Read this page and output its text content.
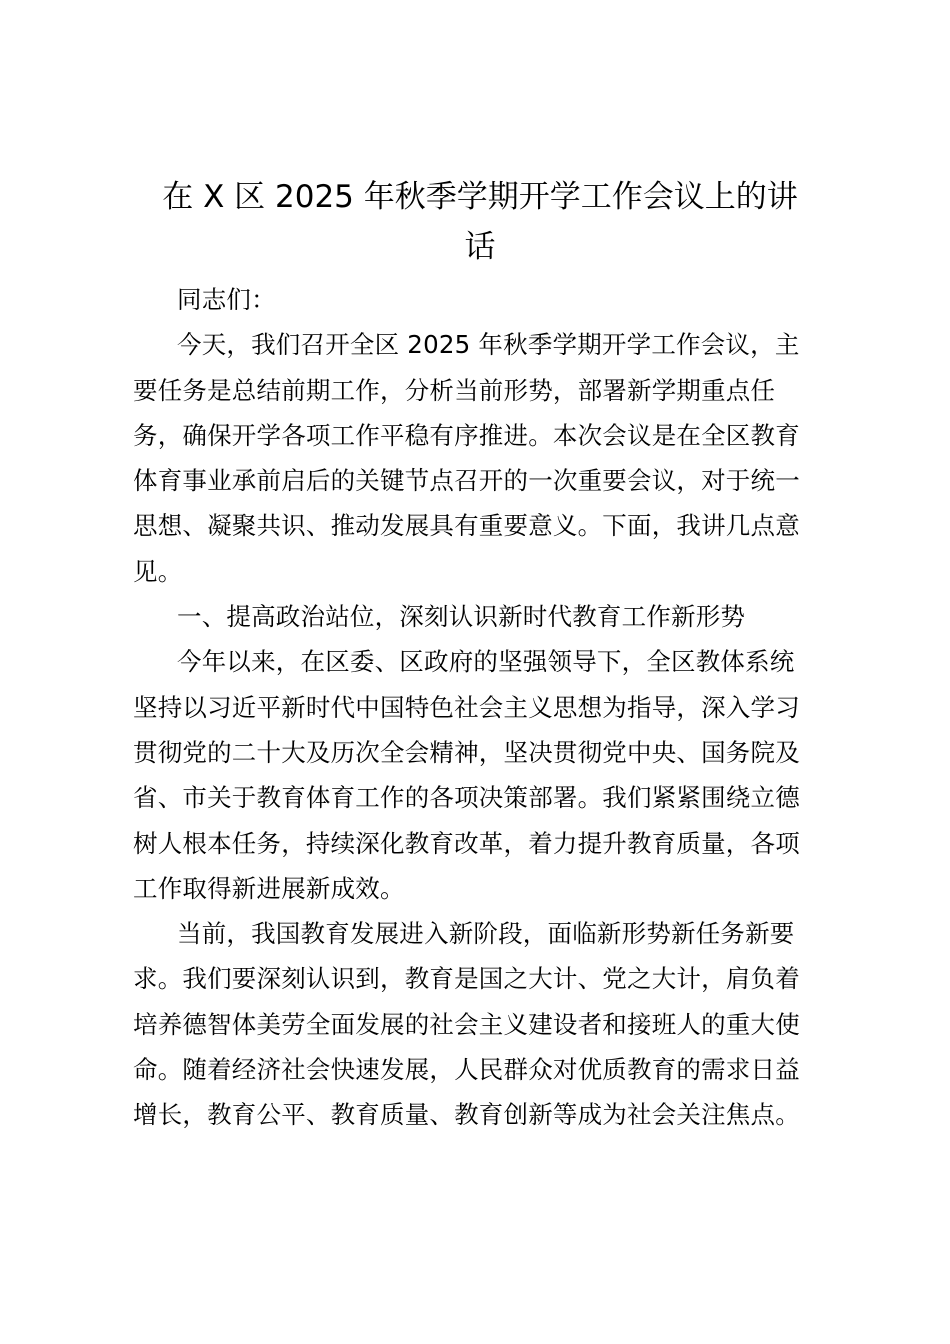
在 X 区 2025 年秋季学期开学工作会议上的讲
话
同志们：
今天，我们召开全区 2025 年秋季学期开学工作会议，主
要任务是总结前期工作，分析当前形势，部署新学期重点任
务，确保开学各项工作平稳有序推进。本次会议是在全区教育
体育事业承前启后的关键节点召开的一次重要会议，对于统一
思想、凝聚共识、推动发展具有重要意义。下面，我讲几点意
见。
一、提高政治站位，深刻认识新时代教育工作新形势
今年以来，在区委、区政府的坚强领导下，全区教体系统
坚持以习近平新时代中国特色社会主义思想为指导，深入学习
贯彻党的二十大及历次全会精神，坚决贯彻党中央、国务院及
省、市关于教育体育工作的各项决策部署。我们紧紧围绕立德
树人根本任务，持续深化教育改革，着力提升教育质量，各项
工作取得新进展新成效。
当前，我国教育发展进入新阶段，面临新形势新任务新要
求。我们要深刻认识到，教育是国之大计、党之大计，肩负着
培养德智体美劳全面发展的社会主义建设者和接班人的重大使
命。随着经济社会快速发展，人民群众对优质教育的需求日益
增长，教育公平、教育质量、教育创新等成为社会关注焦点。
